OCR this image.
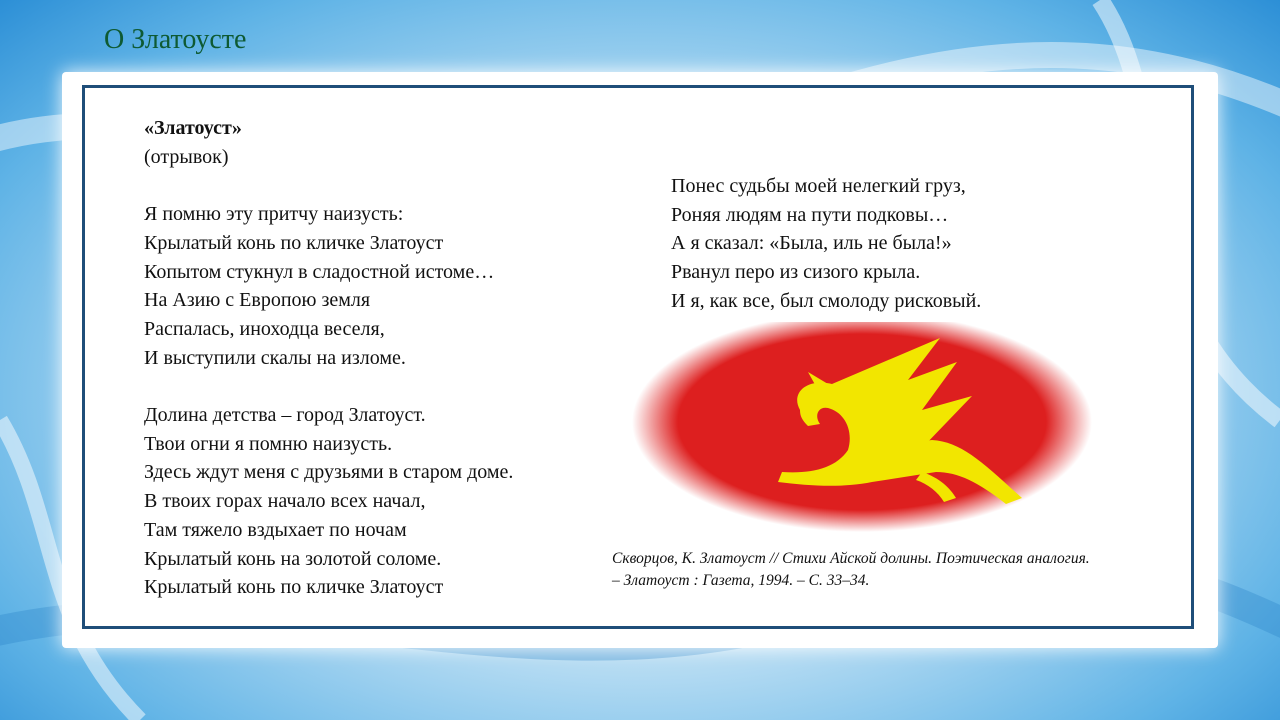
О Златоусте
«Златоуст»
(отрывок)
Я помню эту притчу наизусть:
Крылатый конь по кличке Златоуст
Копытом стукнул в сладостной истоме…
На Азию с Европою земля
Распалась, иноходца веселя,
И выступили скалы на изломе.
Долина детства – город Златоуст.
Твои огни я помню наизусть.
Здесь ждут меня с друзьями в старом доме.
В твоих горах начало всех начал,
Там тяжело вздыхает по ночам
Крылатый конь на золотой соломе.
Крылатый конь по кличке Златоуст
Понес судьбы моей нелегкий груз,
Роняя людям на пути подковы…
А я сказал: «Была, иль не была!»
Рванул перо из сизого крыла.
И я, как все, был смолоду рисковый.
Скворцов, К. Златоуст // Стихи Айской долины. Поэтическая аналогия.
– Златоуст : Газета, 1994. – С. 33–34.
